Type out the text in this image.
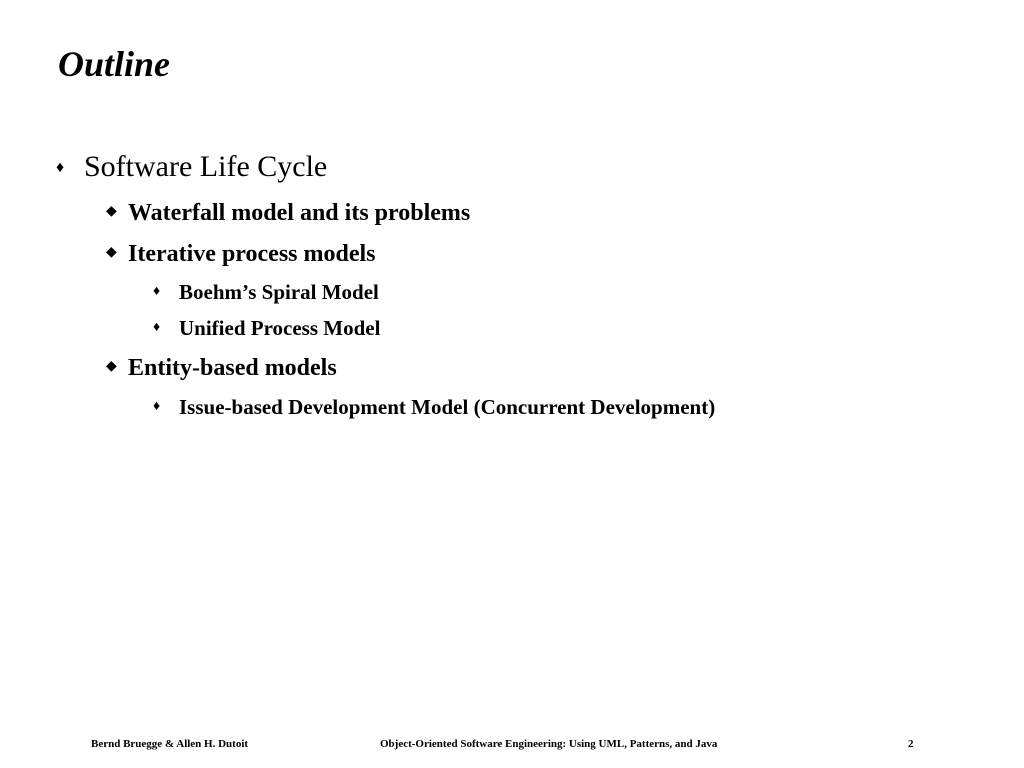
Outline
♦ Software Life Cycle
◆ Waterfall model and its problems
◆ Iterative process models
♦ Boehm’s Spiral Model
♦ Unified Process Model
◆ Entity-based models
♦ Issue-based Development Model (Concurrent Development)
Bernd Bruegge & Allen H. Dutoit	Object-Oriented Software Engineering: Using UML, Patterns, and Java	2
